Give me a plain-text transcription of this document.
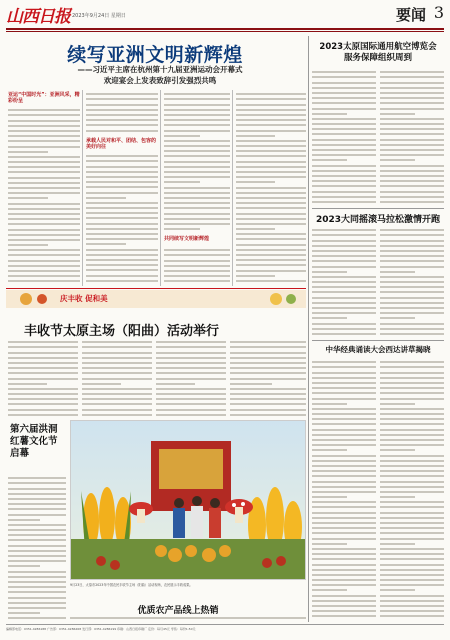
山西日报 2023年9月24日 星期日	要闻 3
续写亚洲文明新辉煌
——习近平主席在杭州第十九届亚洲运动会开幕式
欢迎宴会上发表致辞引发强烈共鸣
亚运“中国时光”：亚洲风采，精彩纷呈
承载人民对和平、团结、包容的美好向往
共同续写文明新辉煌
2023太原国际通用航空博览会
服务保障组织周到
2023大同摇滚马拉松激情开跑
中华经典诵读大会西达讲草揭晓
庆丰收 促和美
丰收节太原主场（阳曲）活动举行
第六届洪洞红薯文化节启幕
9月23日，太原市2023年中国农民丰收节主场（阳曲）活动现场，农民展示丰收成果。
优质农产品线上热销
编辑部电话：0351-4286188 广告部：0351-4286268 发行部：0351-4286199 印刷：山西日报印刷厂 定价：每月45元 零售：每份1.50元
